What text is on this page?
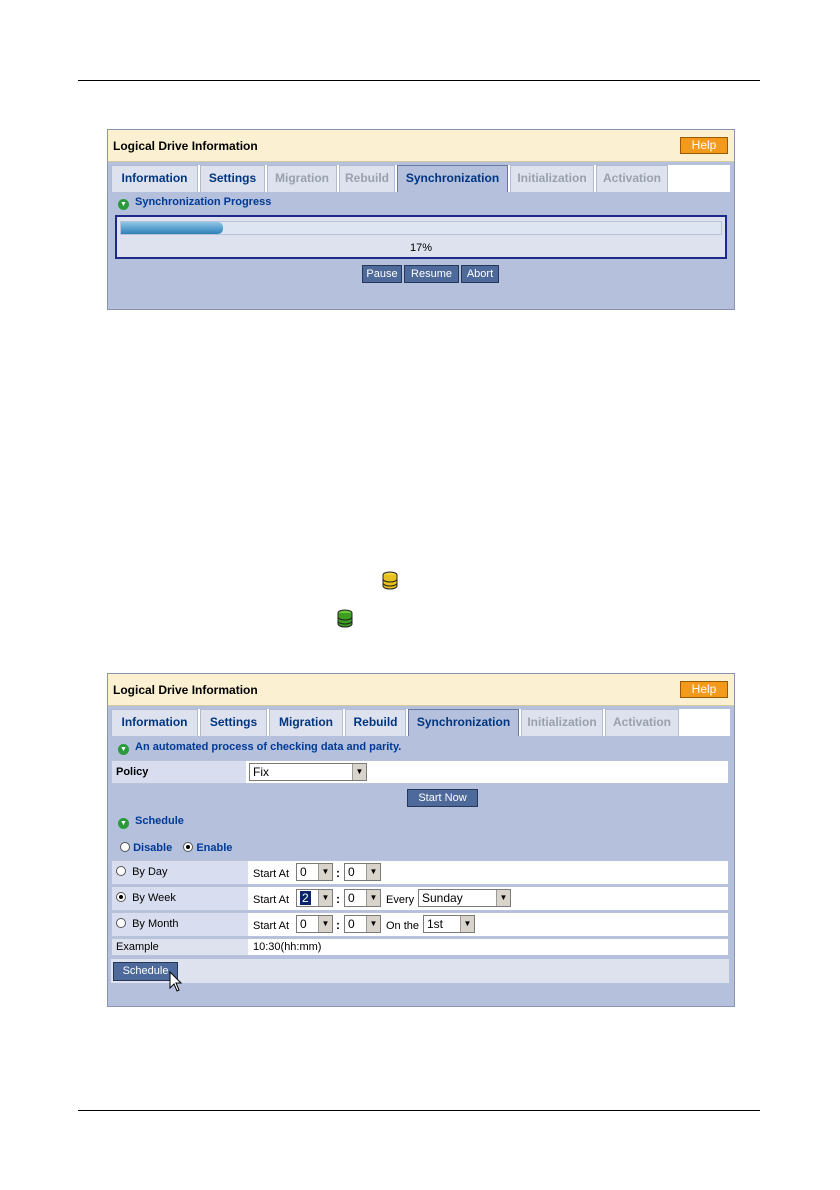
Logical Drive Information	Help
Information	Settings	Migration	Rebuild	Synchronization	Initialization	Activation
▼ Synchronization Progress
17%
Pause	Resume	Abort
Logical Drive Information	Help
Information	Settings	Migration	Rebuild	Synchronization	Initialization	Activation
▼ An automated process of checking data and parity.
Policy	Fix	▼
Start Now
▼ Schedule
Disable Enable
By Day	Start At 0	▼ : 0	▼
By Week	Start At	2	▼ : 0	▼ Every Sunday	▼
By Month	Start At 0	▼ : 0	▼ On the 1st	▼
Example	10:30(hh:mm)
Schedule
